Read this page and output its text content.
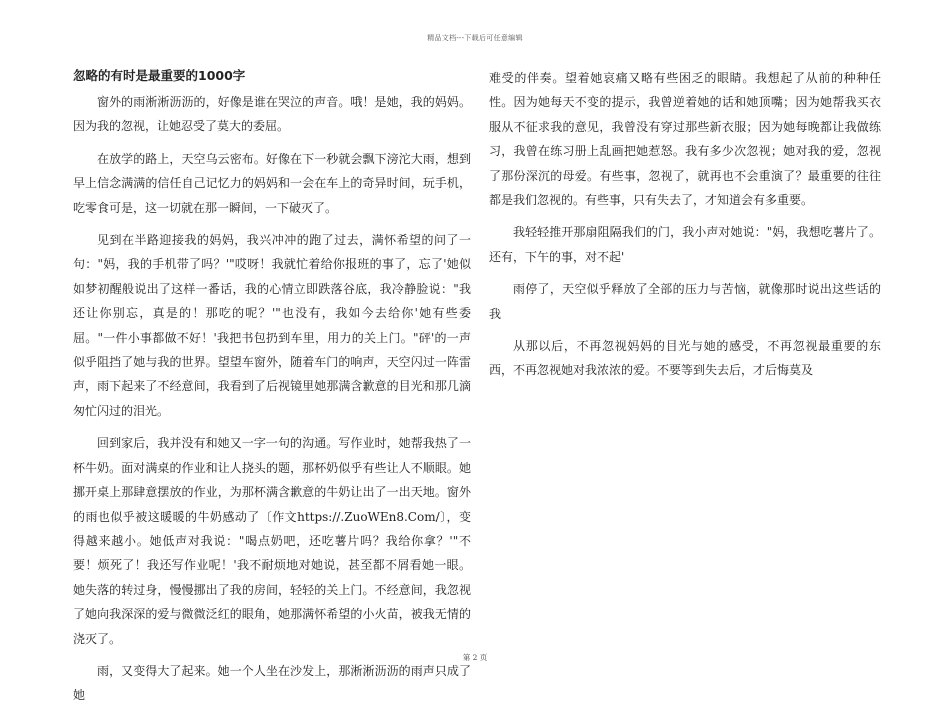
精品文档---下载后可任意编辑
忽略的有时是最重要的1000字

窗外的雨淅淅沥沥的，好像是谁在哭泣的声音。哦！是她，我的妈妈。因为我的忽视，让她忍受了莫大的委屈。

在放学的路上，天空乌云密布。好像在下一秒就会飘下滂沱大雨，想到早上信念满满的信任自己记忆力的妈妈和一会在车上的奇异时间，玩手机，吃零食可是，这一切就在那一瞬间，一下破灭了。

见到在半路迎接我的妈妈，我兴冲冲的跑了过去，满怀希望的问了一句："妈，我的手机带了吗？'"哎呀！我就忙着给你报班的事了，忘了'她似如梦初醒般说出了这样一番话，我的心情立即跌落谷底，我冷静脸说："我还让你别忘，真是的！那吃的呢？'"也没有，我如今去给你'她有些委屈。"一件小事都做不好！'我把书包扔到车里，用力的关上门。"砰'的一声似乎阻挡了她与我的世界。望望车窗外，随着车门的响声，天空闪过一阵雷声，雨下起来了不经意间，我看到了后视镜里她那满含歉意的目光和那几滴匆忙闪过的泪光。

回到家后，我并没有和她又一字一句的沟通。写作业时，她帮我热了一杯牛奶。面对满桌的作业和让人挠头的题，那杯奶似乎有些让人不顺眼。她挪开桌上那肆意摆放的作业，为那杯满含歉意的牛奶让出了一出天地。窗外的雨也似乎被这暖暖的牛奶感动了〔作文https://.ZuoWEn8.Com/〕，变得越来越小。她低声对我说："喝点奶吧，还吃薯片吗？我给你拿？'"不要！烦死了！我还写作业呢！'我不耐烦地对她说，甚至都不屑看她一眼。她失落的转过身，慢慢挪出了我的房间，轻轻的关上门。不经意间，我忽视了她向我深深的爱与微微泛红的眼角，她那满怀希望的小火苗，被我无情的浇灭了。

雨，又变得大了起来。她一个人坐在沙发上，那淅淅沥沥的雨声只成了她

难受的伴奏。望着她哀痛又略有些困乏的眼睛。我想起了从前的种种任性。因为她每天不变的提示，我曾逆着她的话和她顶嘴；因为她帮我买衣服从不征求我的意见，我曾没有穿过那些新衣服；因为她每晚都让我做练习，我曾在练习册上乱画把她惹怒。我有多少次忽视；她对我的爱，忽视了那份深沉的母爱。有些事，忽视了，就再也不会重演了？最重要的往往都是我们忽视的。有些事，只有失去了，才知道会有多重要。

我轻轻推开那扇阻隔我们的门，我小声对她说："妈，我想吃薯片了。还有，下午的事，对不起'

雨停了，天空似乎释放了全部的压力与苦恼，就像那时说出这些话的我

从那以后，不再忽视妈妈的目光与她的感受，不再忽视最重要的东西，不再忽视她对我浓浓的爱。不要等到失去后，才后悔莫及

第 2 页
